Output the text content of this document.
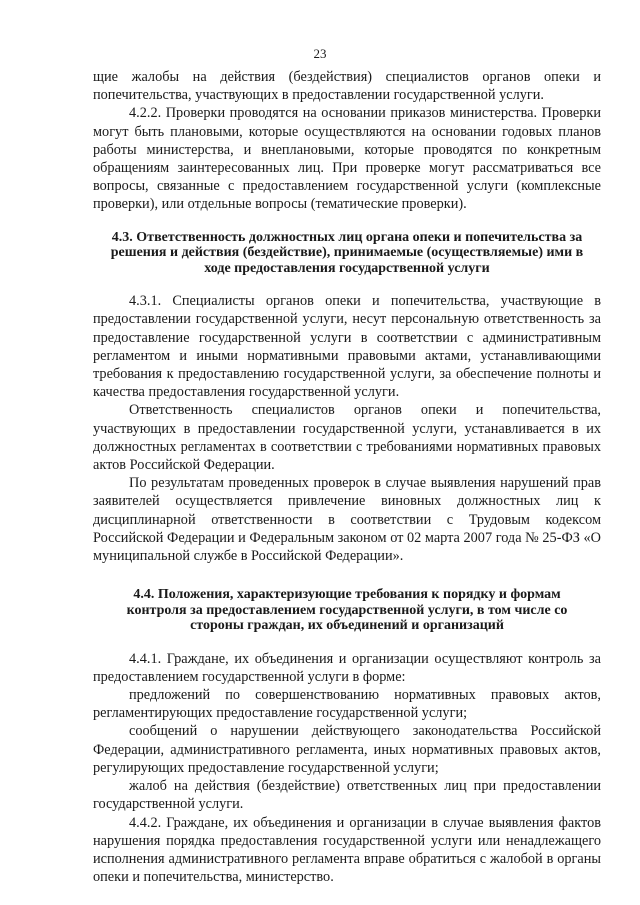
23

щие жалобы на действия (бездействия) специалистов органов опеки и попечительства, участвующих в предоставлении государственной услуги.

4.2.2. Проверки проводятся на основании приказов министерства. Проверки могут быть плановыми, которые осуществляются на основании годовых планов работы министерства, и внеплановыми, которые проводятся по конкретным обращениям заинтересованных лиц. При проверке могут рассматриваться все вопросы, связанные с предоставлением государственной услуги (комплексные проверки), или отдельные вопросы (тематические проверки).

4.3. Ответственность должностных лиц органа опеки и попечительства за решения и действия (бездействие), принимаемые (осуществляемые) ими в ходе предоставления государственной услуги

4.3.1. Специалисты органов опеки и попечительства, участвующие в предоставлении государственной услуги, несут персональную ответственность за предоставление государственной услуги в соответствии с административным регламентом и иными нормативными правовыми актами, устанавливающими требования к предоставлению государственной услуги, за обеспечение полноты и качества предоставления государственной услуги.

Ответственность специалистов органов опеки и попечительства, участвующих в предоставлении государственной услуги, устанавливается в их должностных регламентах в соответствии с требованиями нормативных правовых актов Российской Федерации.

По результатам проведенных проверок в случае выявления нарушений прав заявителей осуществляется привлечение виновных должностных лиц к дисциплинарной ответственности в соответствии с Трудовым кодексом Российской Федерации и Федеральным законом от 02 марта 2007 года № 25-ФЗ «О муниципальной службе в Российской Федерации».

4.4. Положения, характеризующие требования к порядку и формам контроля за предоставлением государственной услуги, в том числе со стороны граждан, их объединений и организаций

4.4.1. Граждане, их объединения и организации осуществляют контроль за предоставлением государственной услуги в форме:

предложений по совершенствованию нормативных правовых актов, регламентирующих предоставление государственной услуги;

сообщений о нарушении действующего законодательства Российской Федерации, административного регламента, иных нормативных правовых актов, регулирующих предоставление государственной услуги;

жалоб на действия (бездействие) ответственных лиц при предоставлении государственной услуги.

4.4.2. Граждане, их объединения и организации в случае выявления фактов нарушения порядка предоставления государственной услуги или ненадлежащего исполнения административного регламента вправе обратиться с жалобой в органы опеки и попечительства, министерство.
